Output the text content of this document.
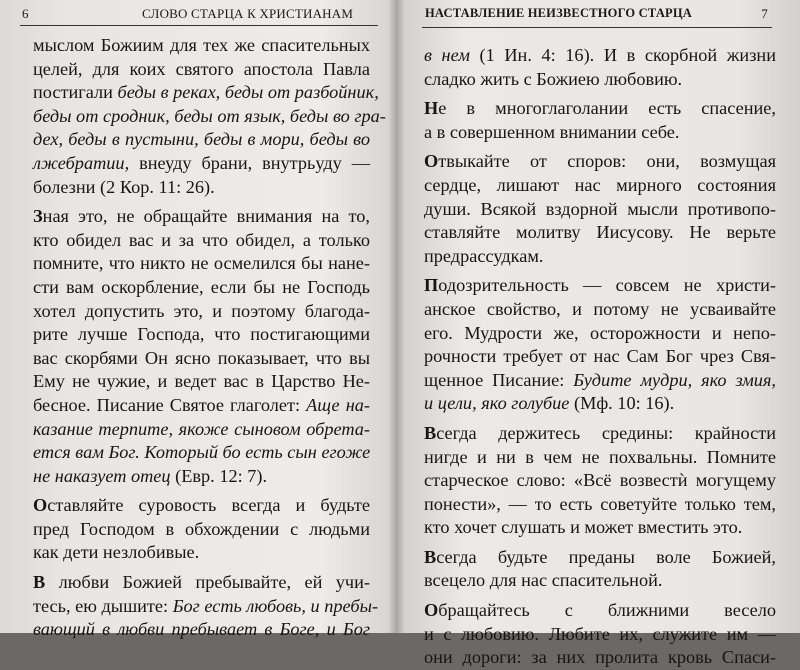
6	СЛОВО СТАРЦА К ХРИСТИАНАМ
мыслом Божиим для тех же спасительных
целей, для коих святого апостола Павла
постигали беды в реках, беды от разбойник,
беды от сродник, беды от язык, беды во гра-
дех, беды в пустыни, беды в мори, беды во
лжебратии, внеуду брани, внутрьуду —
болезни (2 Кор. 11: 26).
Зная это, не обращайте внимания на то,
кто обидел вас и за что обидел, а только
помните, что никто не осмелился бы нане-
сти вам оскорбление, если бы не Господь
хотел допустить это, и поэтому благода-
рите лучше Господа, что постигающими
вас скорбями Он ясно показывает, что вы
Ему не чужие, и ведет вас в Царство Не-
бесное. Писание Святое глаголет: Аще на-
казание терпите, якоже сыновом обрета-
ется вам Бог. Который бо есть сын егоже
не наказует отец (Евр. 12: 7).
Оставляйте суровость всегда и будьте
пред Господом в обхождении с людьми
как дети незлобивые.
В любви Божией пребывайте, ей учи-
тесь, ею дышите: Бог есть любовь, и пребы-
вающий в любви пребывает в Боге, и Бог
НАСТАВЛЕНИЕ НЕИЗВЕСТНОГО СТАРЦА	7
в нем (1 Ин. 4: 16). И в скорбной жизни
сладко жить с Божиею любовию.
Не в многоглаголании есть спасение,
а в совершенном внимании себе.
Отвыкайте от споров: они, возмущая
сердце, лишают нас мирного состояния
души. Всякой вздорной мысли противопо-
ставляйте молитву Иисусову. Не верьте
предрассудкам.
Подозрительность — совсем не христи-
анское свойство, и потому не усваивайте
его. Мудрости же, осторожности и непо-
рочности требует от нас Сам Бог чрез Свя-
щенное Писание: Будите мудри, яко змия,
и цели, яко голубие (Мф. 10: 16).
Всегда держитесь средины: крайности
нигде и ни в чем не похвальны. Помните
старческое слово: «Всё возвестѝ могущему
понести», — то есть советуйте только тем,
кто хочет слушать и может вместить это.
Всегда будьте преданы воле Божией,
всецело для нас спасительной.
Обращайтесь с ближними весело
и с любовию. Любите их, служите им —
они дороги: за них пролита кровь Спаси-
